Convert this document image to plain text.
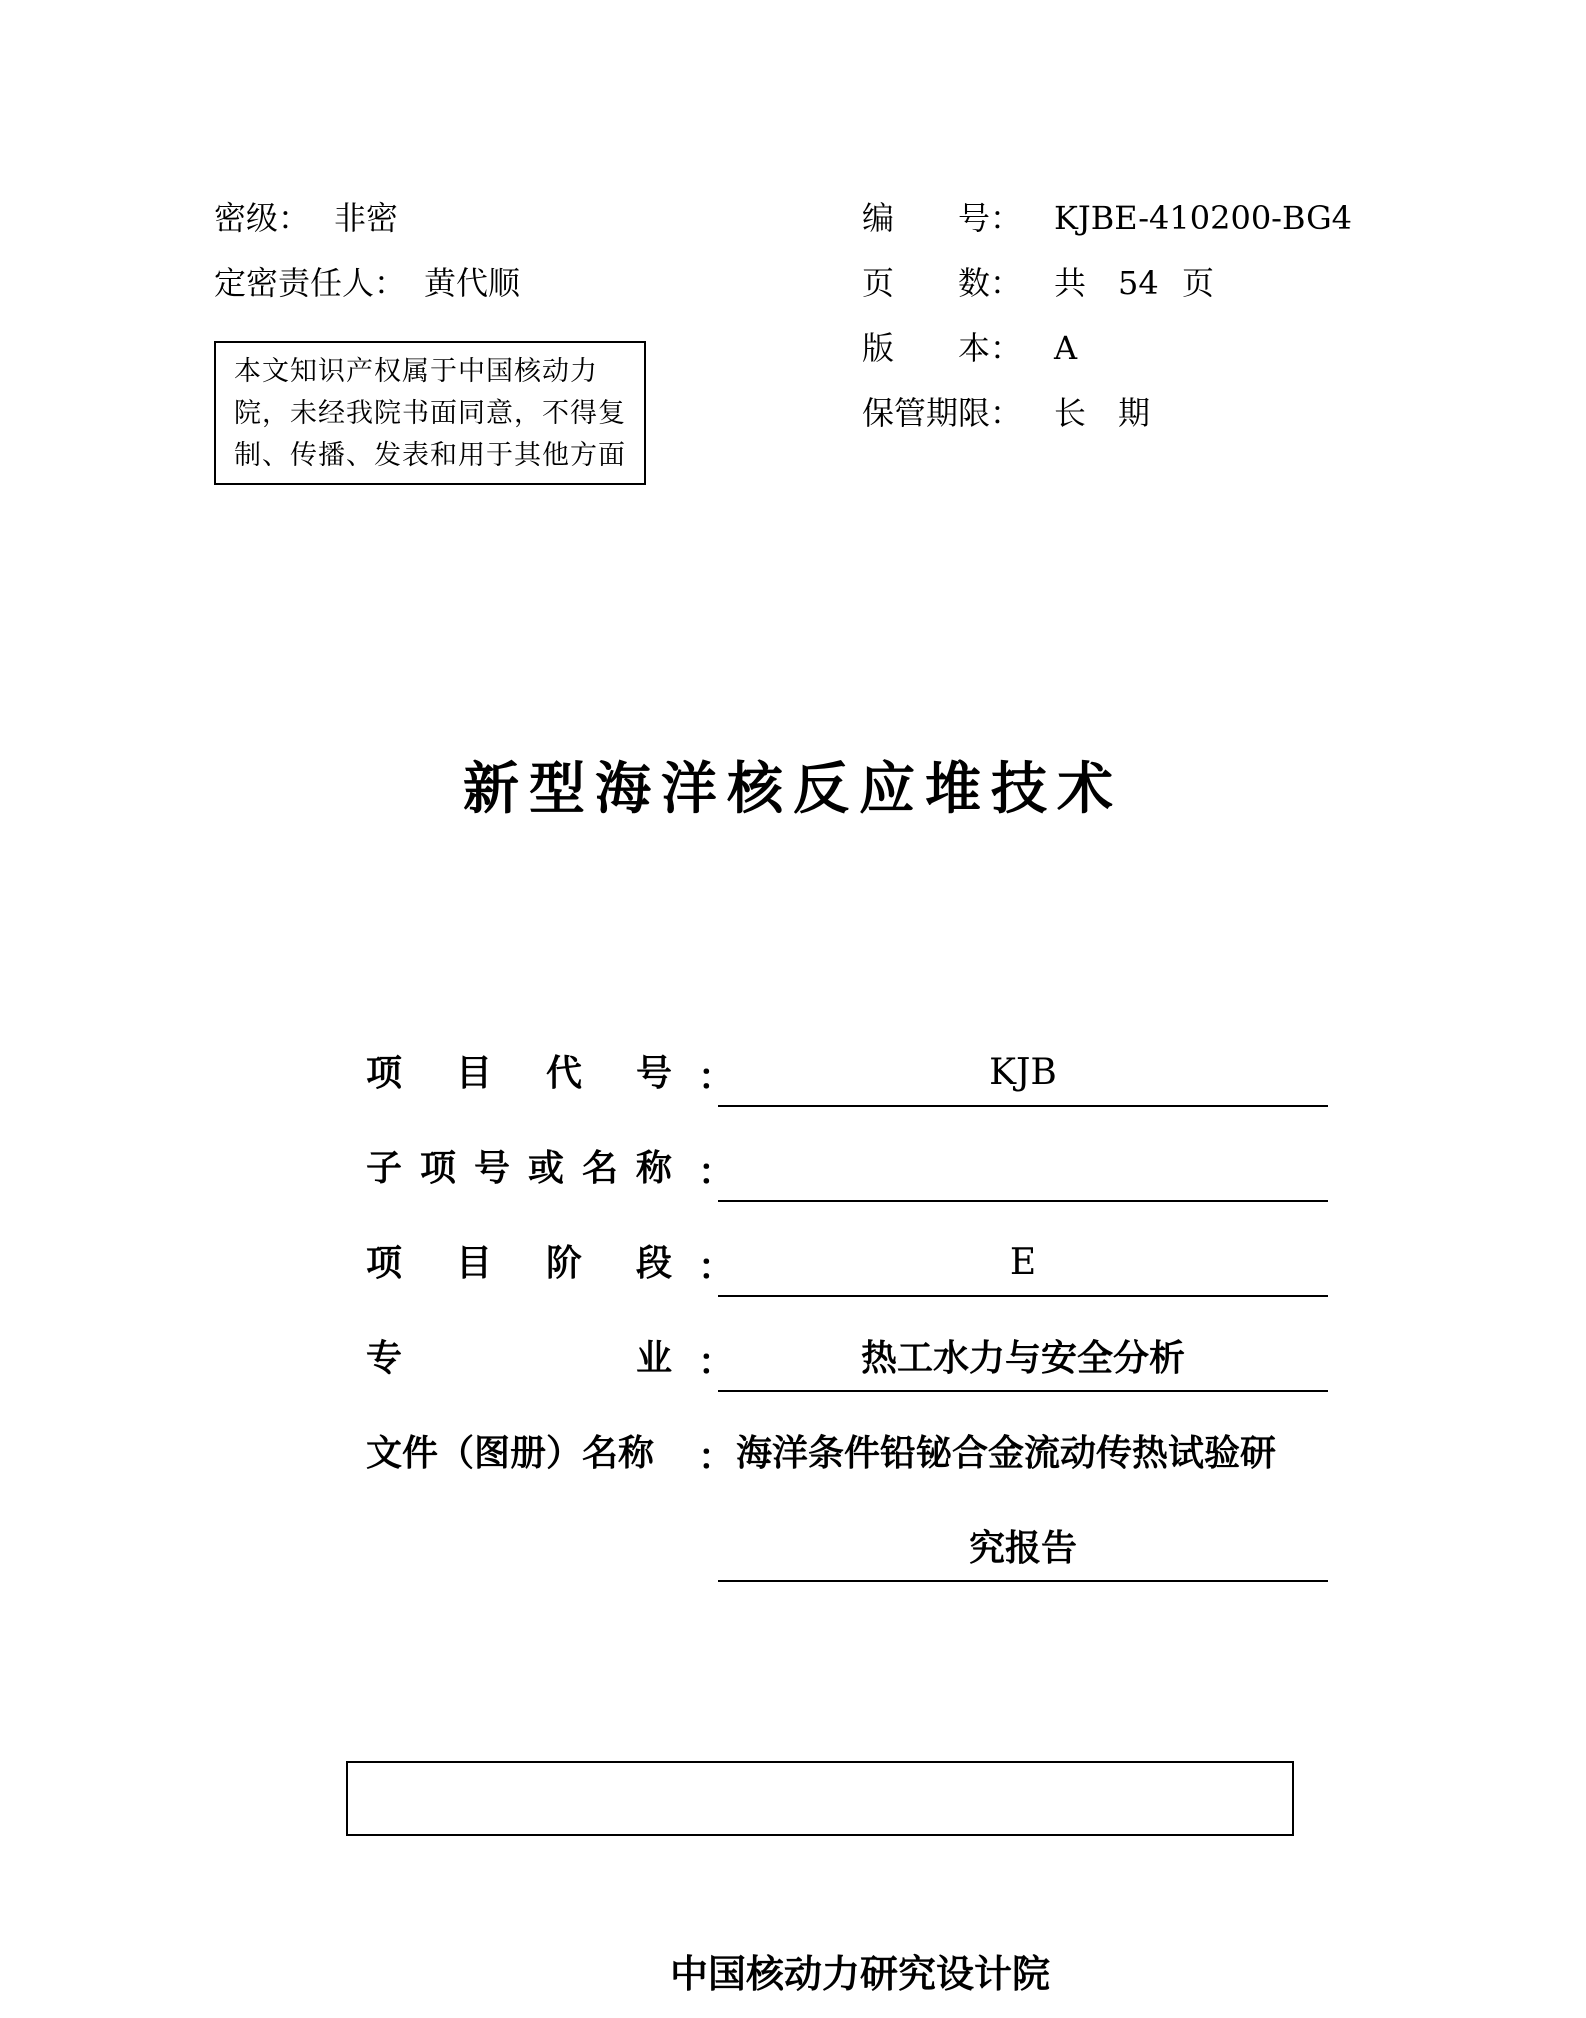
密级： 非密
定密责任人： 黄代顺
本文知识产权属于中国核动力
院，未经我院书面同意，不得复
制、传播、发表和用于其他方面
编　　号： KJBE-410200-BG4
页　　数： 共 54 页
版　　本： A
保管期限： 长　期
新型海洋核反应堆技术
项 目 代 号 ：	KJB
子 项 号 或 名 称 ：
项 目 阶 段 ：	E
专	业 ：	热工水力与安全分析
文件（图册）名称 ： 海洋条件铅铋合金流动传热试验研
究报告
中国核动力研究设计院
